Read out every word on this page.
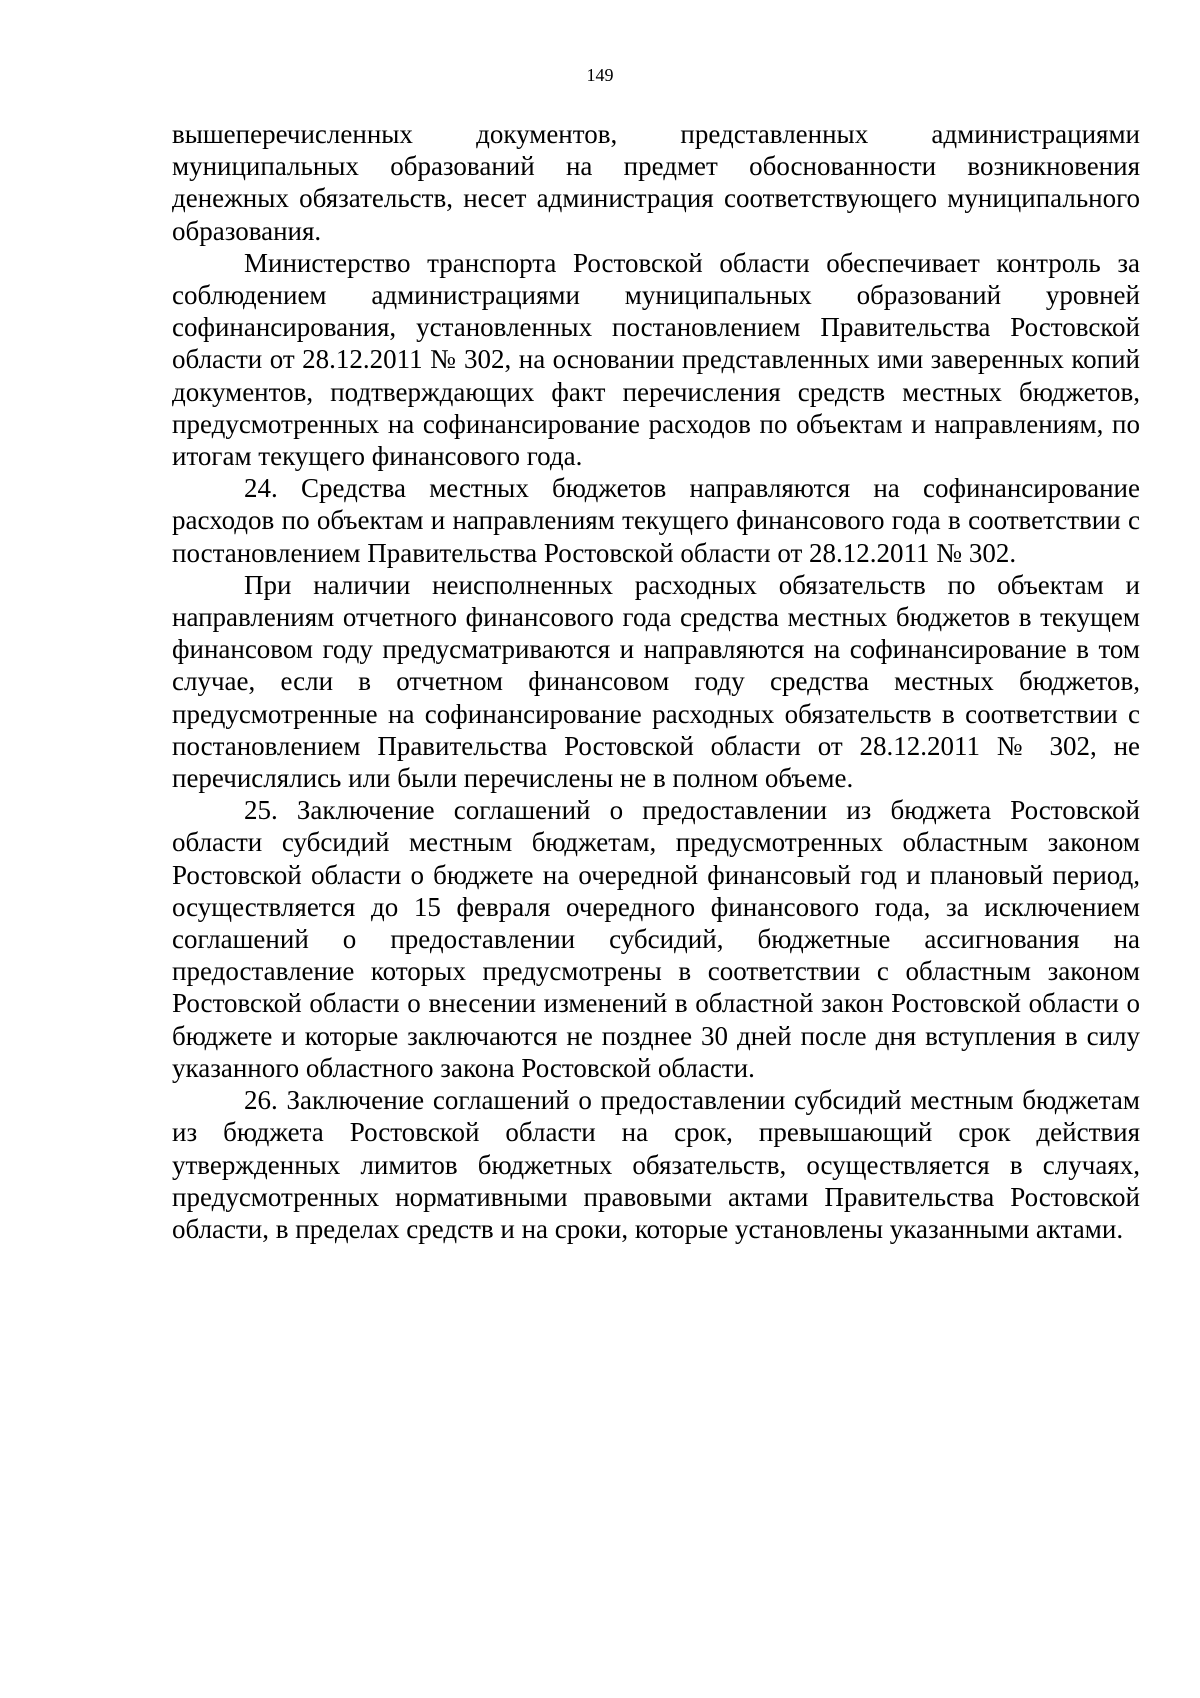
149

вышеперечисленных документов, представленных администрациями муниципальных образований на предмет обоснованности возникновения денежных обязательств, несет администрация соответствующего муниципального образования.

Министерство транспорта Ростовской области обеспечивает контроль за соблюдением администрациями муниципальных образований уровней софинансирования, установленных постановлением Правительства Ростовской области от 28.12.2011 № 302, на основании представленных ими заверенных копий документов, подтверждающих факт перечисления средств местных бюджетов, предусмотренных на софинансирование расходов по объектам и направлениям, по итогам текущего финансового года.

24. Средства местных бюджетов направляются на софинансирование расходов по объектам и направлениям текущего финансового года в соответствии с постановлением Правительства Ростовской области от 28.12.2011 № 302.

При наличии неисполненных расходных обязательств по объектам и направлениям отчетного финансового года средства местных бюджетов в текущем финансовом году предусматриваются и направляются на софинансирование в том случае, если в отчетном финансовом году средства местных бюджетов, предусмотренные на софинансирование расходных обязательств в соответствии с постановлением Правительства Ростовской области от 28.12.2011 № 302, не перечислялись или были перечислены не в полном объеме.

25. Заключение соглашений о предоставлении из бюджета Ростовской области субсидий местным бюджетам, предусмотренных областным законом Ростовской области о бюджете на очередной финансовый год и плановый период, осуществляется до 15 февраля очередного финансового года, за исключением соглашений о предоставлении субсидий, бюджетные ассигнования на предоставление которых предусмотрены в соответствии с областным законом Ростовской области о внесении изменений в областной закон Ростовской области о бюджете и которые заключаются не позднее 30 дней после дня вступления в силу указанного областного закона Ростовской области.

26. Заключение соглашений о предоставлении субсидий местным бюджетам из бюджета Ростовской области на срок, превышающий срок действия утвержденных лимитов бюджетных обязательств, осуществляется в случаях, предусмотренных нормативными правовыми актами Правительства Ростовской области, в пределах средств и на сроки, которые установлены указанными актами.
